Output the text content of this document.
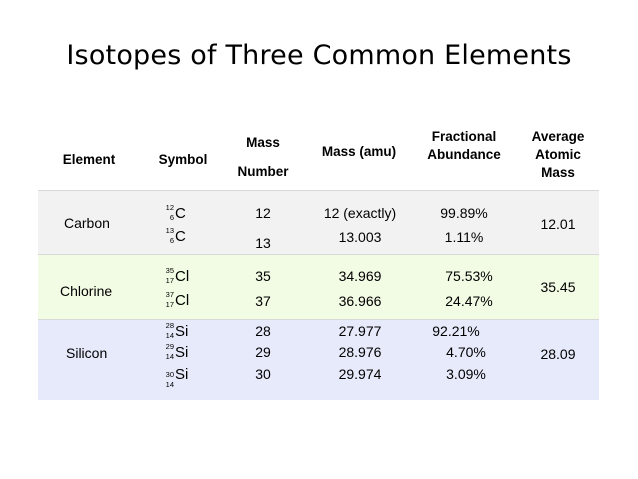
Isotopes of Three Common Elements
Element	Symbol
Mass
Number
Mass (amu)
Fractional
Abundance
Average
Atomic
Mass
Carbon
12
6 C
13
6 C
12
13
12 (exactly)
13.003
99.89%
1.11%
12.01
Chlorine
35
17 Cl
37
17 Cl
35
37
34.969
36.966
75.53%
24.47%
35.45
Silicon
28
14 Si
29
14 Si
30
14
Si
28
29
30
27.977
28.976
29.974
92.21%
4.70%
3.09%
28.09
